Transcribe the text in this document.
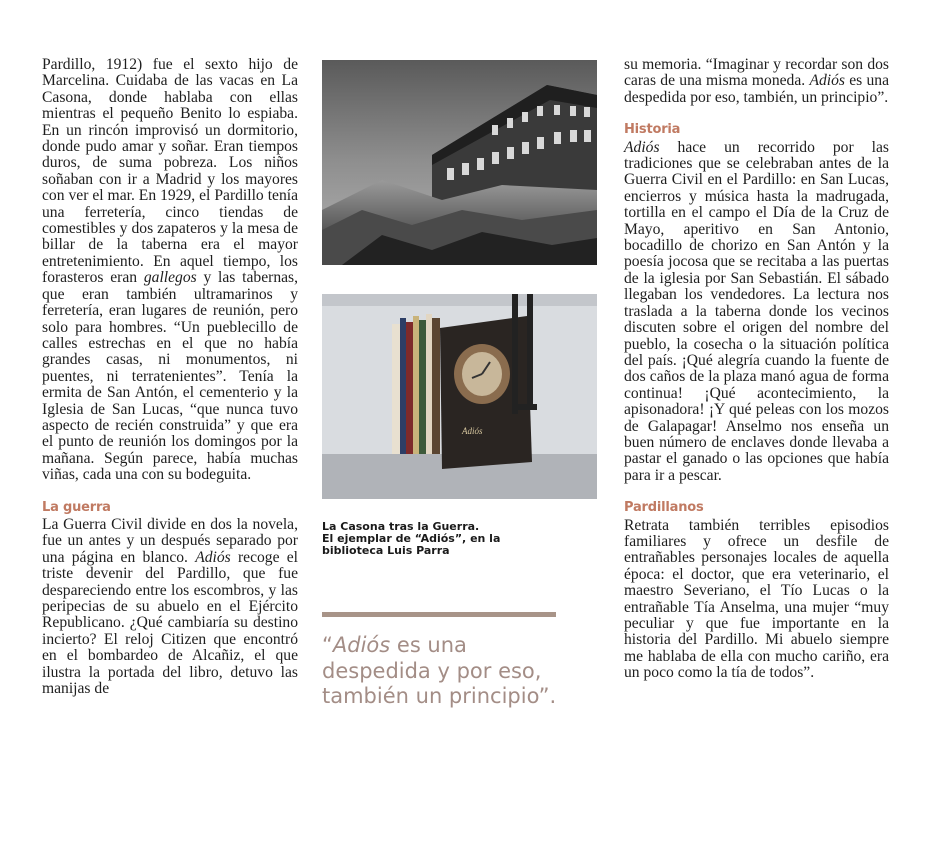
Pardillo, 1912) fue el sexto hijo de Marcelina. Cuidaba de las vacas en La Casona, donde hablaba con ellas mientras el pequeño Benito lo espiaba. En un rincón improvisó un dormitorio, donde pudo amar y soñar. Eran tiempos duros, de suma pobreza. Los niños soñaban con ir a Madrid y los mayores con ver el mar. En 1929, el Pardillo tenía una ferretería, cinco tiendas de comestibles y dos zapateros y la mesa de billar de la taberna era el mayor entretenimiento. En aquel tiempo, los forasteros eran gallegos y las tabernas, que eran también ultramarinos y ferretería, eran lugares de reunión, pero solo para hombres. “Un pueblecillo de calles estrechas en el que no había grandes casas, ni monumentos, ni puentes, ni terratenientes”. Tenía la ermita de San Antón, el cementerio y la Iglesia de San Lucas, “que nunca tuvo aspecto de recién construida” y que era el punto de reunión los domingos por la mañana. Según parece, había muchas viñas, cada una con su bodeguita.

La guerra

La Guerra Civil divide en dos la novela, fue un antes y un después separado por una página en blanco. Adiós recoge el triste devenir del Pardillo, que fue despareciendo entre los escombros, y las peripecias de su abuelo en el Ejército Republicano. ¿Qué cambiaría su destino incierto? El reloj Citizen que encontró en el bombardeo de Alcañiz, el que ilustra la portada del libro, detuvo las manijas de

Adiós
La Casona tras la Guerra.
El ejemplar de “Adiós”, en la
biblioteca Luis Parra
“Adiós es una despedida y por eso, también un principio”.

su memoria. “Imaginar y recordar son dos caras de una misma moneda. Adiós es una despedida por eso, también, un principio”.

Historia

Adiós hace un recorrido por las tradiciones que se celebraban antes de la Guerra Civil en el Pardillo: en San Lucas, encierros y música hasta la madrugada, tortilla en el campo el Día de la Cruz de Mayo, aperitivo en San Antonio, bocadillo de chorizo en San Antón y la poesía jocosa que se recitaba a las puertas de la iglesia por San Sebastián. El sábado llegaban los vendedores. La lectura nos traslada a la taberna donde los vecinos discuten sobre el origen del nombre del pueblo, la cosecha o la situación política del país. ¡Qué alegría cuando la fuente de dos caños de la plaza manó agua de forma continua! ¡Qué acontecimiento, la apisonadora! ¡Y qué peleas con los mozos de Galapagar! Anselmo nos enseña un buen número de enclaves donde llevaba a pastar el ganado o las opciones que había para ir a pescar.

Pardillanos

Retrata también terribles episodios familiares y ofrece un desfile de entrañables personajes locales de aquella época: el doctor, que era veterinario, el maestro Severiano, el Tío Lucas o la entrañable Tía Anselma, una mujer “muy peculiar y que fue importante en la historia del Pardillo. Mi abuelo siempre me hablaba de ella con mucho cariño, era un poco como la tía de todos”.
